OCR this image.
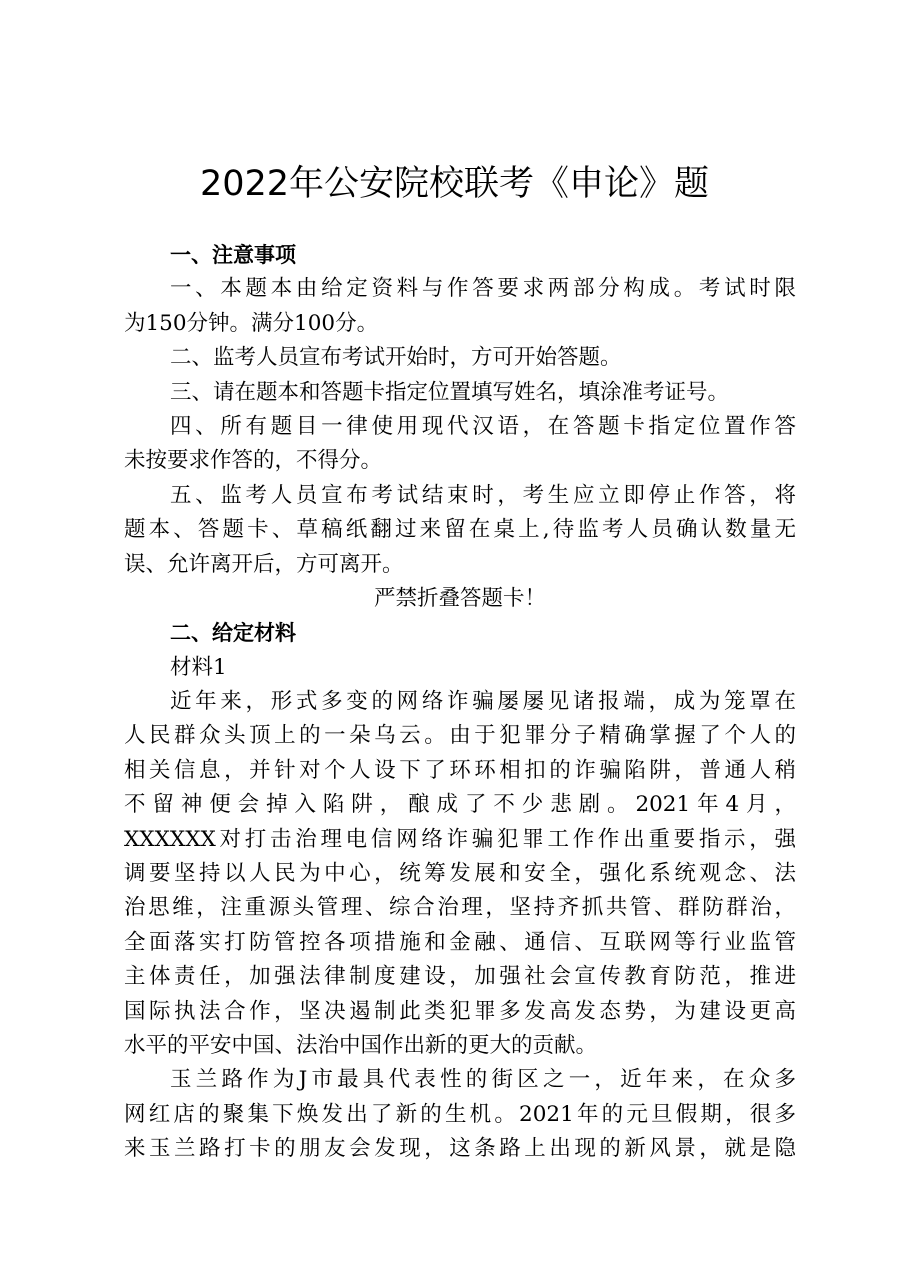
2022年公安院校联考《申论》题
一、注意事项
一、本题本由给定资料与作答要求两部分构成。考试时限
为150分钟。满分100分。
二、监考人员宣布考试开始时，方可开始答题。
三、请在题本和答题卡指定位置填写姓名，填涂准考证号。
四、所有题目一律使用现代汉语，在答题卡指定位置作答
未按要求作答的，不得分。
五、监考人员宣布考试结束时，考生应立即停止作答，将
题本、答题卡、草稿纸翻过来留在桌上,待监考人员确认数量无
误、允许离开后，方可离开。
严禁折叠答题卡！
二、给定材料
材料1
近年来，形式多变的网络诈骗屡屡见诸报端，成为笼罩在
人民群众头顶上的一朵乌云。由于犯罪分子精确掌握了个人的
相关信息，并针对个人设下了环环相扣的诈骗陷阱，普通人稍
不留神便会掉入陷阱，酿成了不少悲剧。2021年4月，
XXXXXX对打击治理电信网络诈骗犯罪工作作出重要指示，强
调要坚持以人民为中心，统筹发展和安全，强化系统观念、法
治思维，注重源头管理、综合治理，坚持齐抓共管、群防群治，
全面落实打防管控各项措施和金融、通信、互联网等行业监管
主体责任，加强法律制度建设，加强社会宣传教育防范，推进
国际执法合作，坚决遏制此类犯罪多发高发态势，为建设更高
水平的平安中国、法治中国作出新的更大的贡献。
玉兰路作为J市最具代表性的街区之一，近年来，在众多
网红店的聚集下焕发出了新的生机。2021年的元旦假期，很多
来玉兰路打卡的朋友会发现，这条路上出现的新风景，就是隐
